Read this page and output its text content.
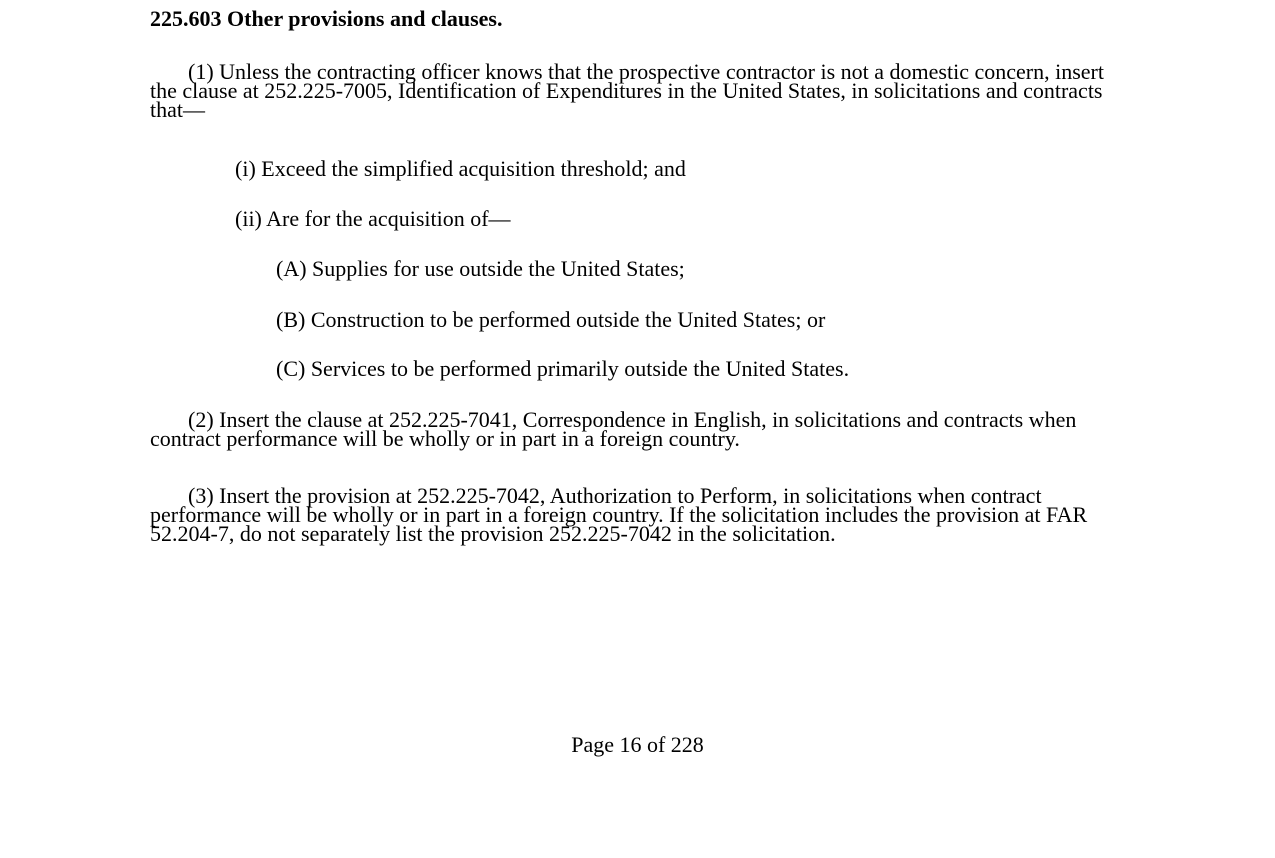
225.603 Other provisions and clauses.

(1) Unless the contracting officer knows that the prospective contractor is not a domestic concern, insert the clause at 252.225-7005, Identification of Expenditures in the United States, in solicitations and contracts that—

(i) Exceed the simplified acquisition threshold; and

(ii) Are for the acquisition of—

(A) Supplies for use outside the United States;

(B) Construction to be performed outside the United States; or

(C) Services to be performed primarily outside the United States.

(2) Insert the clause at 252.225-7041, Correspondence in English, in solicitations and contracts when contract performance will be wholly or in part in a foreign country.

(3) Insert the provision at 252.225-7042, Authorization to Perform, in solicitations when contract performance will be wholly or in part in a foreign country. If the solicitation includes the provision at FAR 52.204-7, do not separately list the provision 252.225-7042 in the solicitation.

Page 16 of 228
